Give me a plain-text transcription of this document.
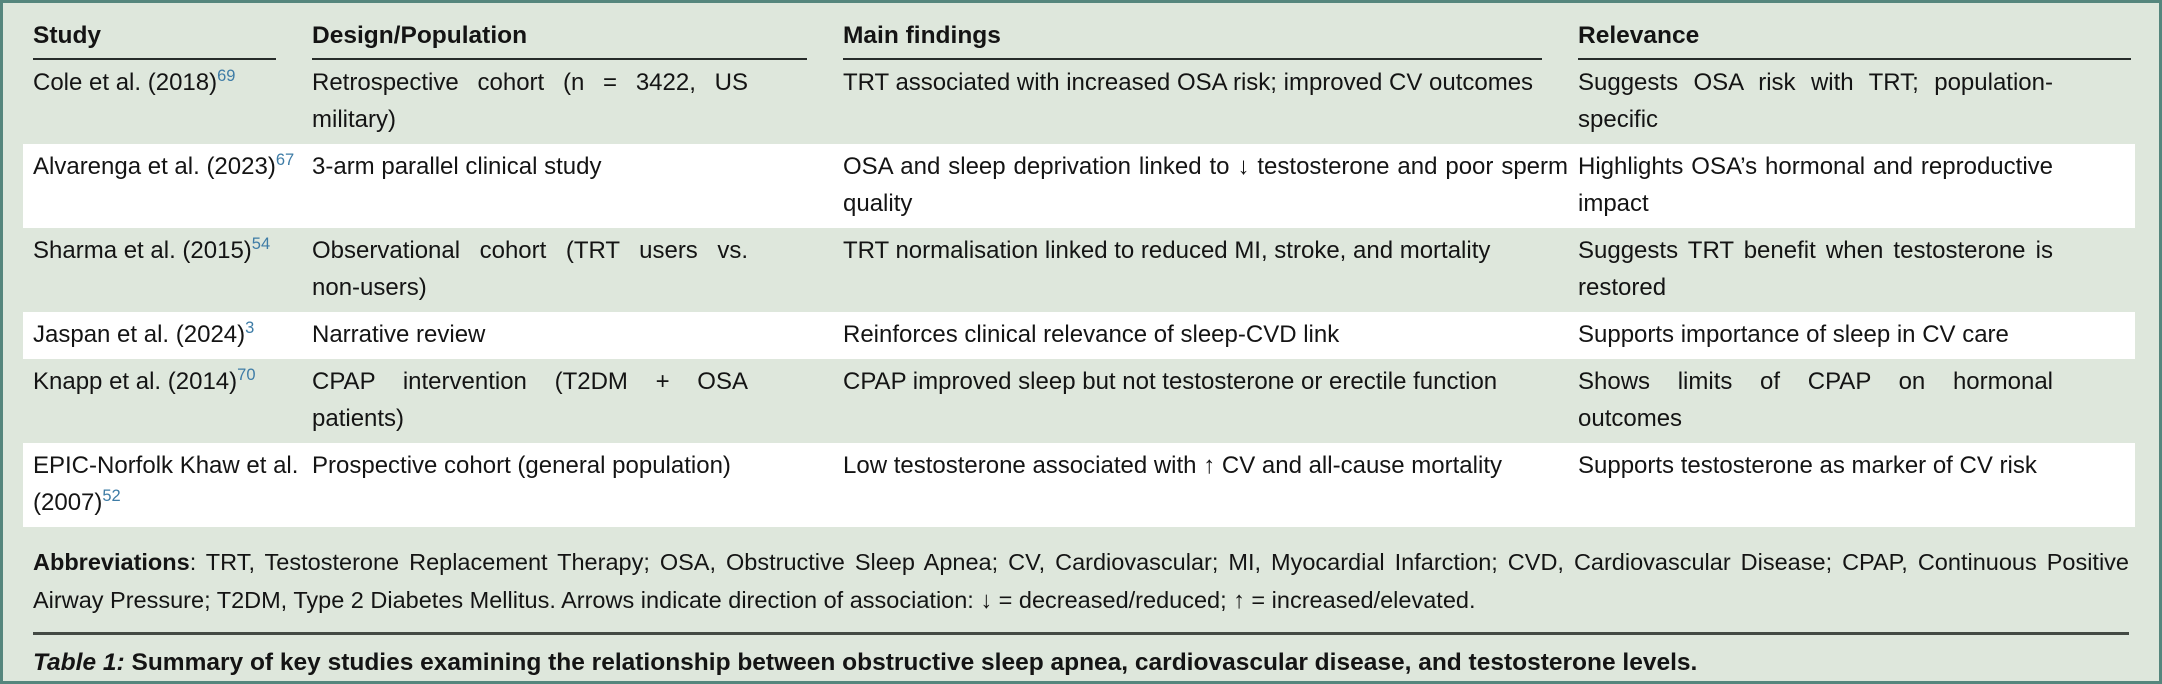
Study	Design/Population	Main findings	Relevance
Cole et al. (2018)$^{69}$	Retrospective cohort (n = 3422, US military)	TRT associated with increased OSA risk; improved CV outcomes	Suggests OSA risk with TRT; population-specific
Alvarenga et al. (2023)$^{67}$	3-arm parallel clinical study	OSA and sleep deprivation linked to ↓ testosterone and poor sperm quality	Highlights OSA’s hormonal and reproductive impact
Sharma et al. (2015)$^{54}$	Observational cohort (TRT users vs. non-users)	TRT normalisation linked to reduced MI, stroke, and mortality	Suggests TRT benefit when testosterone is restored
Jaspan et al. (2024)$^3$	Narrative review	Reinforces clinical relevance of sleep-CVD link	Supports importance of sleep in CV care
Knapp et al. (2014)$^{70}$	CPAP intervention (T2DM + OSA patients)	CPAP improved sleep but not testosterone or erectile function	Shows limits of CPAP on hormonal outcomes
EPIC-Norfolk Khaw et al. (2007)$^{52}$	Prospective cohort (general population)	Low testosterone associated with ↑ CV and all-cause mortality	Supports testosterone as marker of CV risk

Abbreviations: TRT, Testosterone Replacement Therapy; OSA, Obstructive Sleep Apnea; CV, Cardiovascular; MI, Myocardial Infarction; CVD, Cardiovascular Disease; CPAP, Continuous Positive Airway Pressure; T2DM, Type 2 Diabetes Mellitus. Arrows indicate direction of association: ↓ = decreased/reduced; ↑ = increased/elevated.

Table 1: Summary of key studies examining the relationship between obstructive sleep apnea, cardiovascular disease, and testosterone levels.
